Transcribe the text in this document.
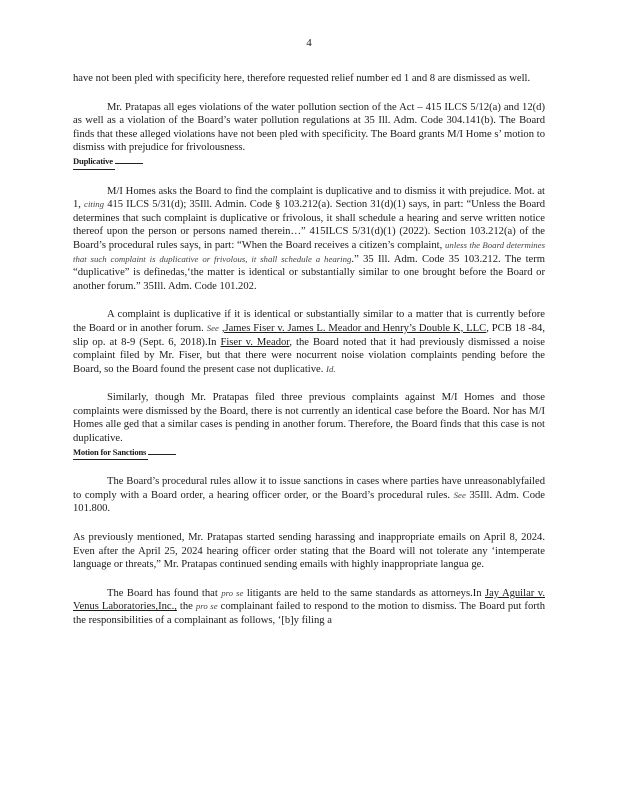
4

have not been pled with specificity here, therefore requested relief number ed 1 and 8 are dismissed as well.

Mr. Pratapas all eges violations of the water pollution section of the Act – 415 ILCS 5/12(a) and 12(d) as well as a violation of the Board’s water pollution regulations at 35 Ill. Adm. Code 304.141(b). The Board finds that these alleged violations have not been pled with specificity. The Board grants M/I Home s’ motion to dismiss with prejudice for frivolousness.

Duplicative

M/I Homes asks the Board to find the complaint is duplicative and to dismiss it with prejudice. Mot. at 1, citing 415 ILCS 5/31(d); 35Ill. Admin. Code § 103.212(a). Section 31(d)(1) says, in part: “Unless the Board determines that such complaint is duplicative or frivolous, it shall schedule a hearing and serve written notice thereof upon the person or persons named therein…” 415ILCS 5/31(d)(1) (2022). Section 103.212(a) of the Board’s procedural rules says, in part: “When the Board receives a citizen’s complaint, unless the Board determines that such complaint is duplicative or frivolous, it shall schedule a hearing.” 35 Ill. Adm. Code 35 103.212. The term “duplicative” is definedas,‘the matter is identical or substantially similar to one brought before the Board or another forum.” 35Ill. Adm. Code 101.202.

A complaint is duplicative if it is identical or substantially similar to a matter that is currently before the Board or in another forum. See ,James Fiser v. James L. Meador and Henry’s Double K, LLC, PCB 18 -84, slip op. at 8-9 (Sept. 6, 2018).In Fiser v. Meador, the Board noted that it had previously dismissed a noise complaint filed by Mr. Fiser, but that there were nocurrent noise violation complaints pending before the Board, so the Board found the present case not duplicative. Id.

Similarly, though Mr. Pratapas filed three previous complaints against M/I Homes and those complaints were dismissed by the Board, there is not currently an identical case before the Board. Nor has M/I Homes alle ged that a similar cases is pending in another forum. Therefore, the Board finds that this case is not duplicative.

Motion for Sanctions

The Board’s procedural rules allow it to issue sanctions in cases where parties have unreasonablyfailed to comply with a Board order, a hearing officer order, or the Board’s procedural rules. See 35Ill. Adm. Code 101.800.

As previously mentioned, Mr. Pratapas started sending harassing and inappropriate emails on April 8, 2024. Even after the April 25, 2024 hearing officer order stating that the Board will not tolerate any ‘intemperate language or threats,” Mr. Pratapas continued sending emails with highly inappropriate langua ge.

The Board has found that pro se litigants are held to the same standards as attorneys.In Jay Aguilar v. Venus Laboratories,Inc., the pro se complainant failed to respond to the motion to dismiss. The Board put forth the responsibilities of a complainant as follows, ‘[b]y filing a
